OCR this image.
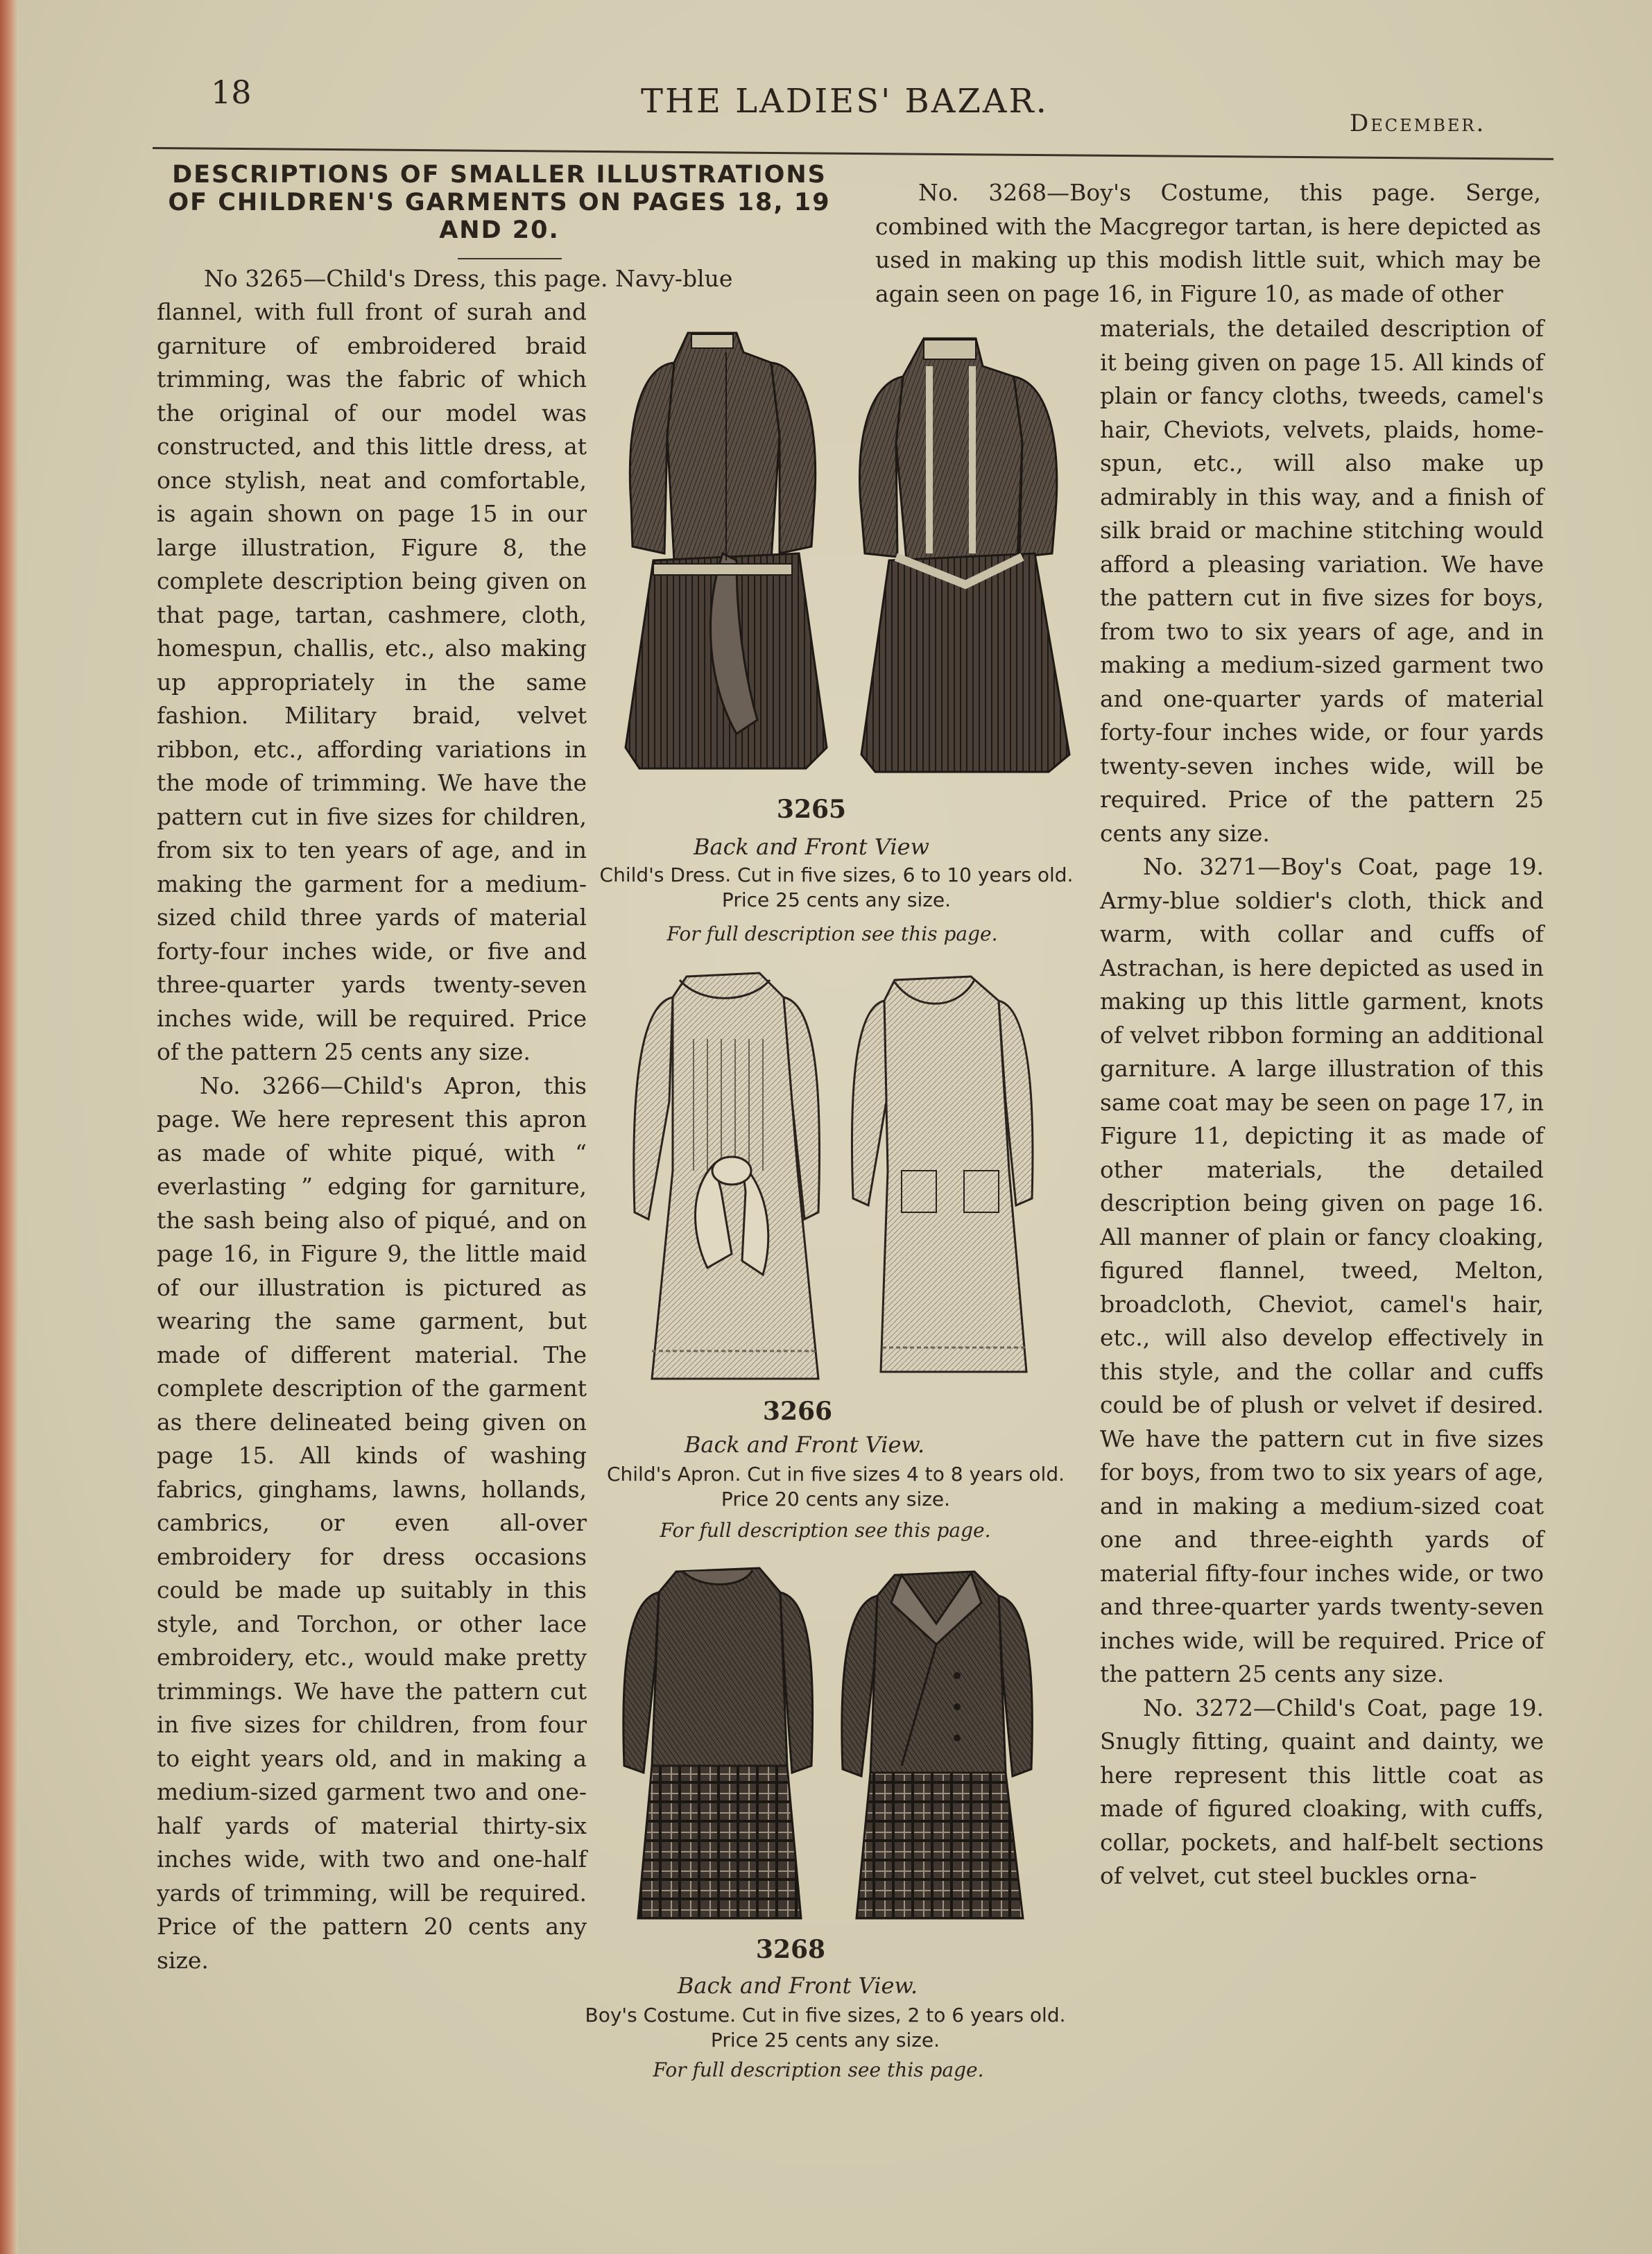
18	THE LADIES' BAZAR.
December.
DESCRIPTIONS OF SMALLER ILLUSTRATIONS OF CHILDREN'S GARMENTS ON PAGES 18, 19 AND 20.

No 3265—Child's Dress, this page. Navy-blue

flannel, with full front of surah and garniture of embroidered braid trimming, was the fabric of which the original of our model was constructed, and this little dress, at once stylish, neat and comfortable, is again shown on page 15 in our large illustration, Figure 8, the complete description being given on that page, tartan, cashmere, cloth, homespun, challis, etc., also making up appropriately in the same fashion. Military braid, velvet ribbon, etc., affording variations in the mode of trimming. We have the pattern cut in five sizes for children, from six to ten years of age, and in making the garment for a medium-sized child three yards of material forty-four inches wide, or five and three-quarter yards twenty-seven inches wide, will be required. Price of the pattern 25 cents any size.

No. 3266—Child's Apron, this page. We here represent this apron as made of white piqué, with “ everlasting ” edging for garniture, the sash being also of piqué, and on page 16, in Figure 9, the little maid of our illustration is pictured as wearing the same garment, but made of different material. The complete description of the garment as there delineated being given on page 15. All kinds of washing fabrics, ginghams, lawns, hollands, cambrics, or even all-over embroidery for dress occasions could be made up suitably in this style, and Torchon, or other lace embroidery, etc., would make pretty trimmings. We have the pattern cut in five sizes for children, from four to eight years old, and in making a medium-sized garment two and one-half yards of material thirty-six inches wide, with two and one-half yards of trimming, will be required. Price of the pattern 20 cents any size.

No. 3268—Boy's Costume, this page. Serge, combined with the Macgregor tartan, is here depicted as used in making up this modish little suit, which may be again seen on page 16, in Figure 10, as made of other

materials, the detailed description of it being given on page 15. All kinds of plain or fancy cloths, tweeds, camel's hair, Cheviots, velvets, plaids, home-spun, etc., will also make up admirably in this way, and a finish of silk braid or machine stitching would afford a pleasing variation. We have the pattern cut in five sizes for boys, from two to six years of age, and in making a medium-sized garment two and one-quarter yards of material forty-four inches wide, or four yards twenty-seven inches wide, will be required. Price of the pattern 25 cents any size.

No. 3271—Boy's Coat, page 19. Army-blue soldier's cloth, thick and warm, with collar and cuffs of Astrachan, is here depicted as used in making up this little garment, knots of velvet ribbon forming an additional garniture. A large illustration of this same coat may be seen on page 17, in Figure 11, depicting it as made of other materials, the detailed description being given on page 16. All manner of plain or fancy cloaking, figured flannel, tweed, Melton, broadcloth, Cheviot, camel's hair, etc., will also develop effectively in this style, and the collar and cuffs could be of plush or velvet if desired. We have the pattern cut in five sizes for boys, from two to six years of age, and in making a medium-sized coat one and three-eighth yards of material fifty-four inches wide, or two and three-quarter yards twenty-seven inches wide, will be required. Price of the pattern 25 cents any size.

No. 3272—Child's Coat, page 19. Snugly fitting, quaint and dainty, we here represent this little coat as made of figured cloaking, with cuffs, collar, pockets, and half-belt sections of velvet, cut steel buckles orna-

3265
Back and Front View
Child's Dress. Cut in five sizes, 6 to 10 years old. Price 25 cents any size.
For full description see this page.
3266
Back and Front View.
Child's Apron. Cut in five sizes 4 to 8 years old. Price 20 cents any size.
For full description see this page.
3268
Back and Front View.
Boy's Costume. Cut in five sizes, 2 to 6 years old. Price 25 cents any size.
For full description see this page.
